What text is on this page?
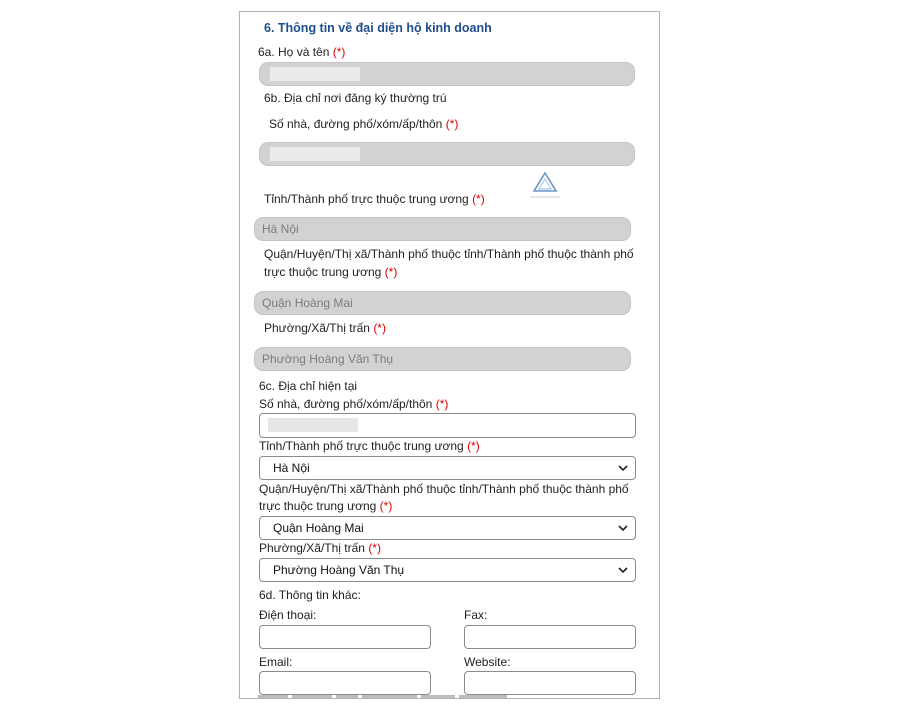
6. Thông tin về đại diện hộ kinh doanh
6a. Họ và tên (*)
6b. Địa chỉ nơi đăng ký thường trú
Số nhà, đường phố/xóm/ấp/thôn (*)
Tỉnh/Thành phố trực thuộc trung ương (*)
Hà Nội
Quận/Huyện/Thị xã/Thành phố thuộc tỉnh/Thành phố thuộc thành phố
trực thuộc trung ương (*)
Quận Hoàng Mai
Phường/Xã/Thị trấn (*)
Phường Hoàng Văn Thụ
6c. Địa chỉ hiện tại
Số nhà, đường phố/xóm/ấp/thôn (*)
Tỉnh/Thành phố trực thuộc trung ương (*)
Hà Nội
Quận/Huyện/Thị xã/Thành phố thuộc tỉnh/Thành phố thuộc thành phố
trực thuộc trung ương (*)
Quận Hoàng Mai
Phường/Xã/Thị trấn (*)
Phường Hoàng Văn Thụ
6d. Thông tin khác:
Điện thoại:	Fax:
Email:	Website:
